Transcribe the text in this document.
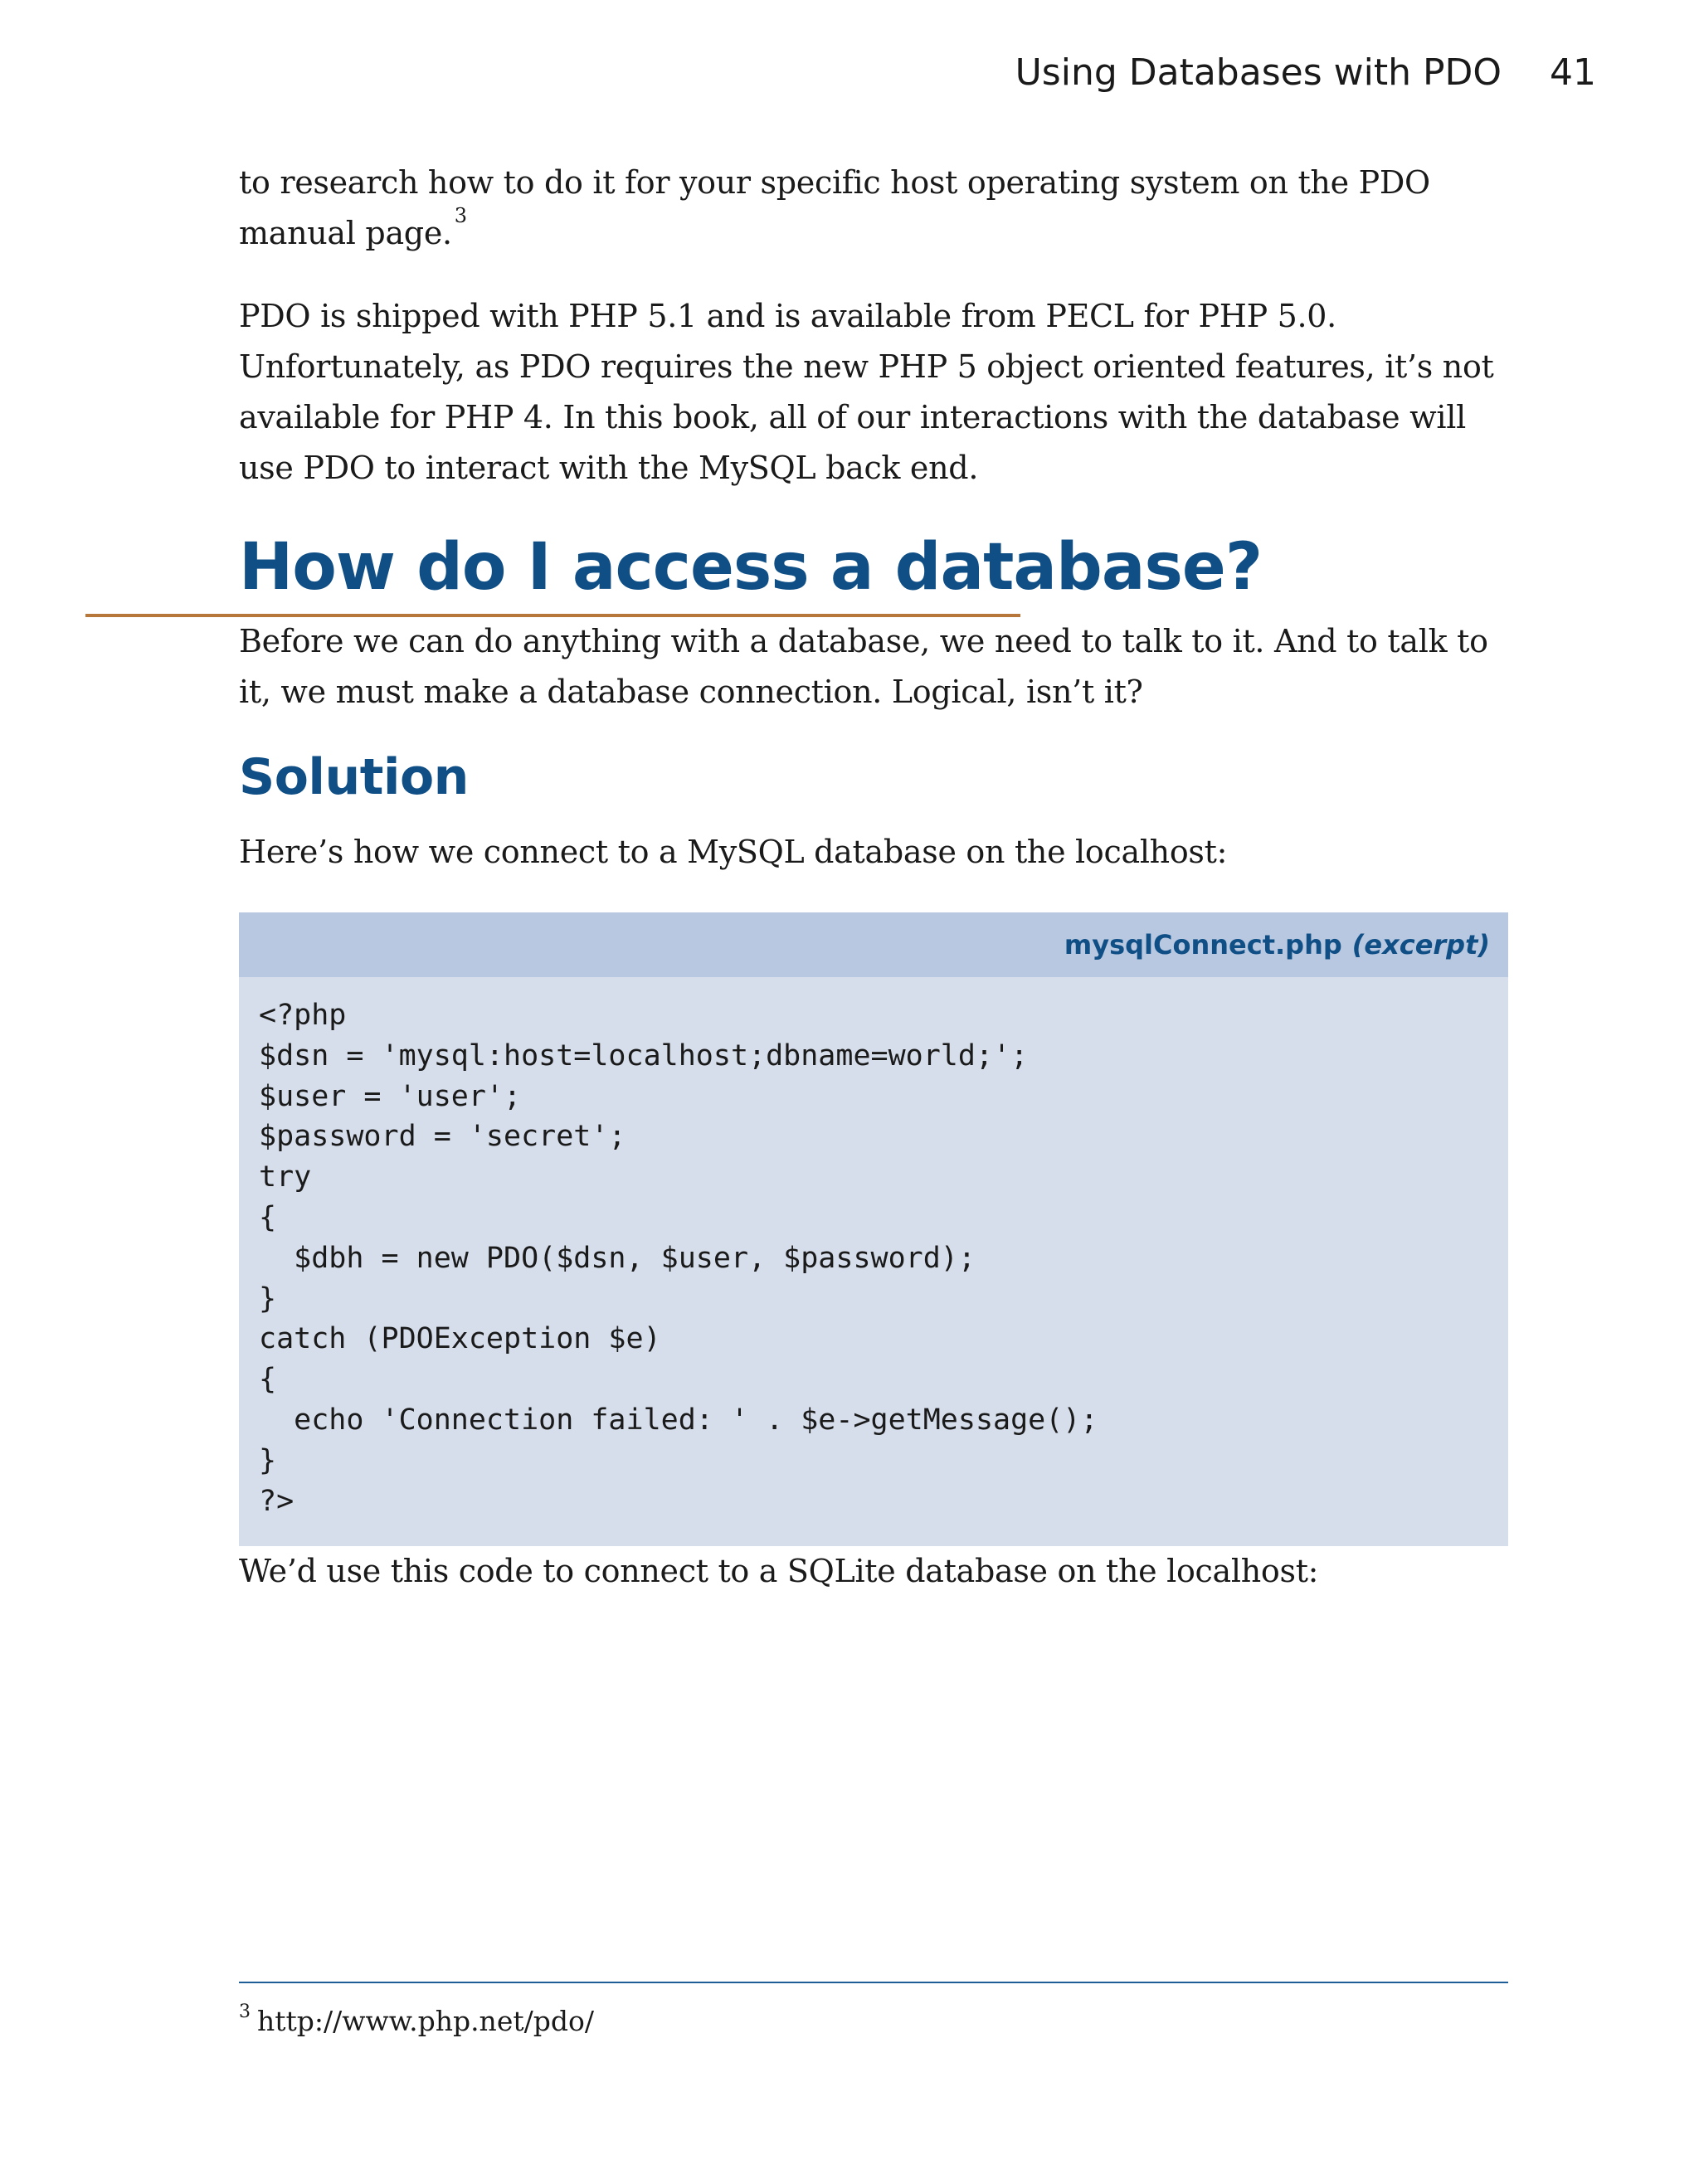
Using Databases with PDO 41

to research how to do it for your specific host operating system on the PDO manual page. $^3$

PDO is shipped with PHP 5.1 and is available from PECL for PHP 5.0. Unfortunately, as PDO requires the new PHP 5 object oriented features, it’s not available for PHP 4. In this book, all of our interactions with the database will use PDO to interact with the MySQL back end.

How do I access a database?

Before we can do anything with a database, we need to talk to it. And to talk to it, we must make a database connection. Logical, isn’t it?

Solution

Here’s how we connect to a MySQL database on the localhost:

mysqlConnect.php (excerpt)
<?php
$dsn = 'mysql:host=localhost;dbname=world;';
$user = 'user';
$password = 'secret';
try
{
$dbh = new PDO($dsn, $user, $password);
}
catch (PDOException $e)
{
echo 'Connection failed: ' . $e->getMessage();
}
?>

We’d use this code to connect to a SQLite database on the localhost:

$^3$ http://www.php.net/pdo/
